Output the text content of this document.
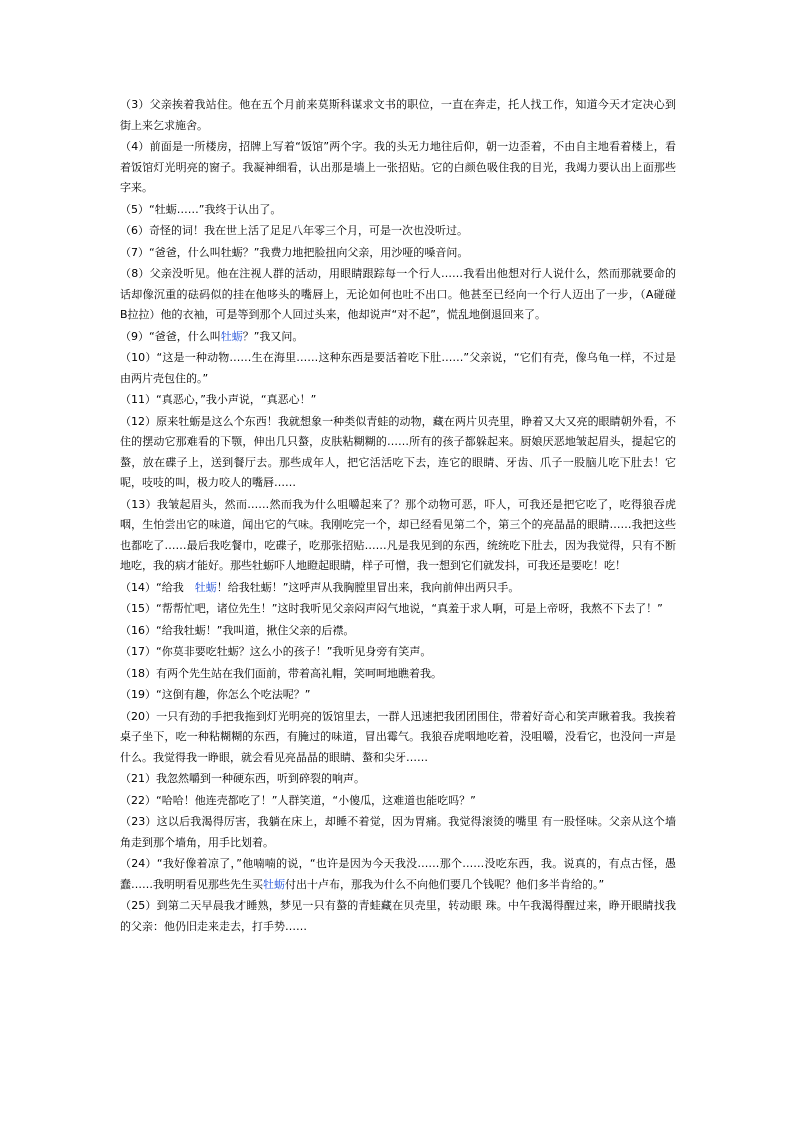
（3）父亲挨着我站住。他在五个月前来莫斯科谋求文书的职位，一直在奔走，托人找工作，知道今天才定决心到街上来乞求施舍。

（4）前面是一所楼房，招牌上写着“饭馆”两个字。我的头无力地往后仰，朝一边歪着，不由自主地看着楼上，看着饭馆灯光明亮的窗子。我凝神细看，认出那是墙上一张招贴。它的白颜色吸住我的目光，我竭力要认出上面那些字来。

（5）“牡蛎……”我终于认出了。

（6）奇怪的词！我在世上活了足足八年零三个月，可是一次也没听过。

（7）“爸爸，什么叫牡蛎？”我费力地把脸扭向父亲，用沙哑的嗓音问。

（8）父亲没听见。他在注视人群的活动，用眼睛跟踪每一个行人……我看出他想对行人说什么，然而那就要命的话却像沉重的砝码似的挂在他哆头的嘴唇上，无论如何也吐不出口。他甚至已经向一个行人迈出了一步，（A碰碰　B拉拉）他的衣袖，可是等到那个人回过头来，他却说声“对不起”，慌乱地倒退回来了。

（9）“爸爸，什么叫牡蛎？”我又问。

（10）“这是一种动物……生在海里……这种东西是要活着吃下肚……”父亲说，“它们有壳，像乌龟一样，不过是由两片壳包住的。”

（11）“真恶心，”我小声说，“真恶心！”

（12）原来牡蛎是这么个东西！我就想象一种类似青蛙的动物，藏在两片贝壳里，睁着又大又亮的眼睛朝外看，不住的摆动它那难看的下颚，伸出几只螯，皮肤粘糊糊的……所有的孩子都躲起来。厨娘厌恶地皱起眉头，提起它的螯，放在碟子上，送到餐厅去。那些成年人，把它活活吃下去，连它的眼睛、牙齿、爪子一股脑儿吃下肚去！它呢，吱吱的叫，极力咬人的嘴唇……

（13）我皱起眉头，然而……然而我为什么咀嚼起来了？那个动物可恶，吓人，可我还是把它吃了，吃得狼吞虎咽，生怕尝出它的味道，闻出它的气味。我刚吃完一个，却已经看见第二个，第三个的亮晶晶的眼睛……我把这些也都吃了……最后我吃餐巾，吃碟子，吃那张招贴……凡是我见到的东西，统统吃下肚去，因为我觉得，只有不断地吃，我的病才能好。那些牡蛎吓人地瞪起眼睛，样子可憎，我一想到它们就发抖，可我还是要吃！吃！

（14）“给我　牡蛎！给我牡蛎！”这呼声从我胸膛里冒出来，我向前伸出两只手。

（15）“帮帮忙吧，诸位先生！”这时我听见父亲闷声闷气地说，“真羞于求人啊，可是上帝呀，我熬不下去了！”

（16）“给我牡蛎！”我叫道，揪住父亲的后襟。

（17）“你莫非要吃牡蛎？这么小的孩子！”我听见身旁有笑声。

（18）有两个先生站在我们面前，带着高礼帽，笑呵呵地瞧着我。

（19）“这倒有趣，你怎么个吃法呢？”

（20）一只有劲的手把我拖到灯光明亮的饭馆里去，一群人迅速把我团团围住，带着好奇心和笑声瞅着我。我挨着桌子坐下，吃一种粘糊糊的东西，有腌过的味道，冒出霉气。我狼吞虎咽地吃着，没咀嚼，没看它，也没问一声是什么。我觉得我一睁眼，就会看见亮晶晶的眼睛、螯和尖牙……

（21）我忽然嚼到一种硬东西，听到碎裂的响声。

（22）“哈哈！他连壳都吃了！”人群笑道，“小傻瓜，这难道也能吃吗？”

（23）这以后我渴得厉害，我躺在床上，却睡不着觉，因为胃痛。我觉得滚烫的嘴里 有一股怪味。父亲从这个墙角走到那个墙角，用手比划着。

（24）“我好像着凉了，”他喃喃的说，“也许是因为今天我没……那个……没吃东西，我。说真的，有点古怪，愚蠢……我明明看见那些先生买牡蛎付出十卢布，那我为什么不向他们要几个钱呢？他们多半肯给的。”

（25）到第二天早晨我才睡熟，梦见一只有螯的青蛙藏在贝壳里，转动眼 珠。中午我渴得醒过来，睁开眼睛找我的父亲：他仍旧走来走去，打手势……
